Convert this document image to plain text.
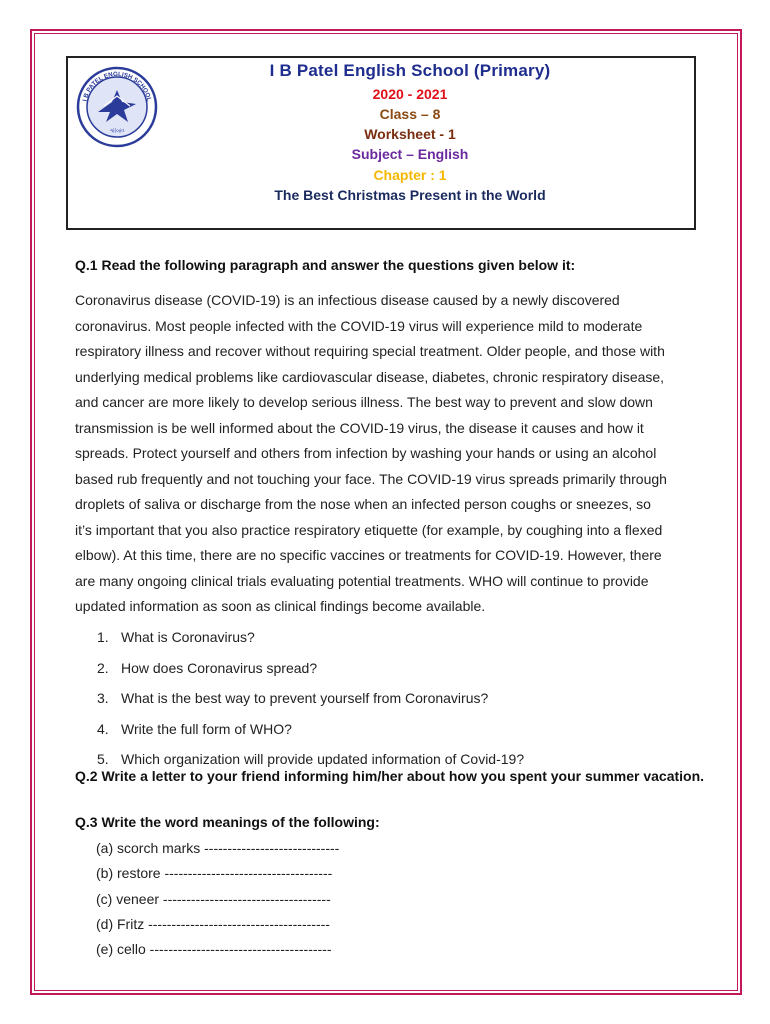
I B PATEL ENGLISH SCHOOL
ગોરેગાંવ
I B Patel English School (Primary)
2020 - 2021
Class – 8
Worksheet - 1
Subject – English
Chapter : 1
The Best Christmas Present in the World
Q.1 Read the following paragraph and answer the questions given below it:
Coronavirus disease (COVID-19) is an infectious disease caused by a newly discovered
coronavirus. Most people infected with the COVID-19 virus will experience mild to moderate
respiratory illness and recover without requiring special treatment. Older people, and those with
underlying medical problems like cardiovascular disease, diabetes, chronic respiratory disease,
and cancer are more likely to develop serious illness. The best way to prevent and slow down
transmission is be well informed about the COVID-19 virus, the disease it causes and how it
spreads. Protect yourself and others from infection by washing your hands or using an alcohol
based rub frequently and not touching your face. The COVID-19 virus spreads primarily through
droplets of saliva or discharge from the nose when an infected person coughs or sneezes, so
it’s important that you also practice respiratory etiquette (for example, by coughing into a flexed
elbow). At this time, there are no specific vaccines or treatments for COVID-19. However, there
are many ongoing clinical trials evaluating potential treatments. WHO will continue to provide
updated information as soon as clinical findings become available.
1. What is Coronavirus?
2. How does Coronavirus spread?
3. What is the best way to prevent yourself from Coronavirus?
4. Write the full form of WHO?
5. Which organization will provide updated information of Covid-19?
Q.2 Write a letter to your friend informing him/her about how you spent your summer vacation.
Q.3 Write the word meanings of the following:
(a) scorch marks -----------------------------
(b) restore ------------------------------------
(c) veneer ------------------------------------
(d) Fritz ---------------------------------------
(e) cello ---------------------------------------
